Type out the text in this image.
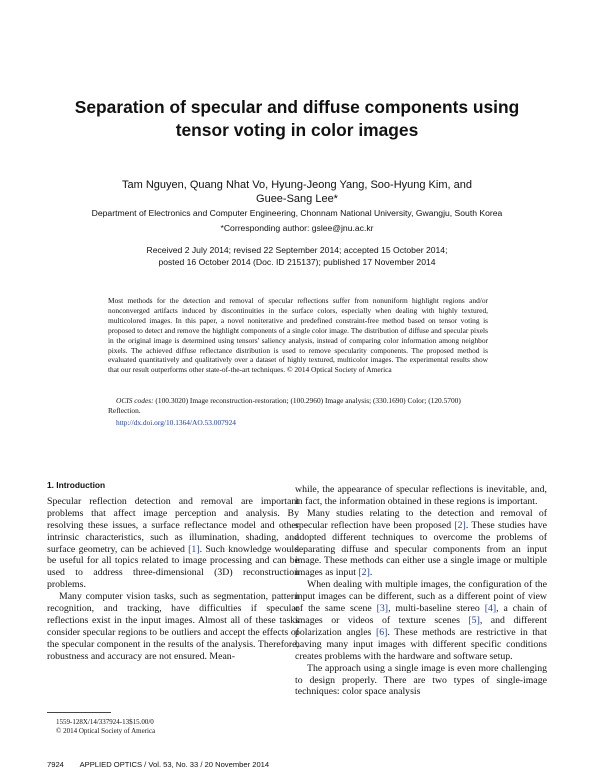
Separation of specular and diffuse components using
tensor voting in color images
Tam Nguyen, Quang Nhat Vo, Hyung-Jeong Yang, Soo-Hyung Kim, and
Guee-Sang Lee*
Department of Electronics and Computer Engineering, Chonnam National University, Gwangju, South Korea
*Corresponding author: gslee@jnu.ac.kr
Received 2 July 2014; revised 22 September 2014; accepted 15 October 2014;
posted 16 October 2014 (Doc. ID 215137); published 17 November 2014
Most methods for the detection and removal of specular reflections suffer from nonuniform highlight regions and/or nonconverged artifacts induced by discontinuities in the surface colors, especially when dealing with highly textured, multicolored images. In this paper, a novel noniterative and predefined constraint-free method based on tensor voting is proposed to detect and remove the highlight components of a single color image. The distribution of diffuse and specular pixels in the original image is determined using tensors' saliency analysis, instead of comparing color information among neighbor pixels. The achieved diffuse reflectance distribution is used to remove specularity components. The proposed method is evaluated quantitatively and qualitatively over a dataset of highly textured, multicolor images. The experimental results show that our result outperforms other state-of-the-art techniques. © 2014 Optical Society of America
OCIS codes: (100.3020) Image reconstruction-restoration; (100.2960) Image analysis; (330.1690) Color; (120.5700) Reflection.
http://dx.doi.org/10.1364/AO.53.007924
1. Introduction

Specular reflection detection and removal are important problems that affect image perception and analysis. By resolving these issues, a surface reflectance model and other intrinsic characteristics, such as illumination, shading, and surface geometry, can be achieved [1]. Such knowledge would be useful for all topics related to image processing and can be used to address three-dimensional (3D) reconstruction problems.

Many computer vision tasks, such as segmentation, pattern recognition, and tracking, have difficulties if specular reflections exist in the input images. Almost all of these tasks consider specular regions to be outliers and accept the effects of the specular component in the results of the analysis. Therefore, robustness and accuracy are not ensured. Mean-

while, the appearance of specular reflections is inevitable, and, in fact, the information obtained in these regions is important.

Many studies relating to the detection and removal of specular reflection have been proposed [2]. These studies have adopted different techniques to overcome the problems of separating diffuse and specular components from an input image. These methods can either use a single image or multiple images as input [2].

When dealing with multiple images, the configuration of the input images can be different, such as a different point of view of the same scene [3], multi-baseline stereo [4], a chain of images or videos of texture scenes [5], and different polarization angles [6]. These methods are restrictive in that having many input images with different specific conditions creates problems with the hardware and software setup.

The approach using a single image is even more challenging to design properly. There are two types of single-image techniques: color space analysis

1559-128X/14/337924-13$15.00/0
© 2014 Optical Society of America
7924 APPLIED OPTICS / Vol. 53, No. 33 / 20 November 2014
